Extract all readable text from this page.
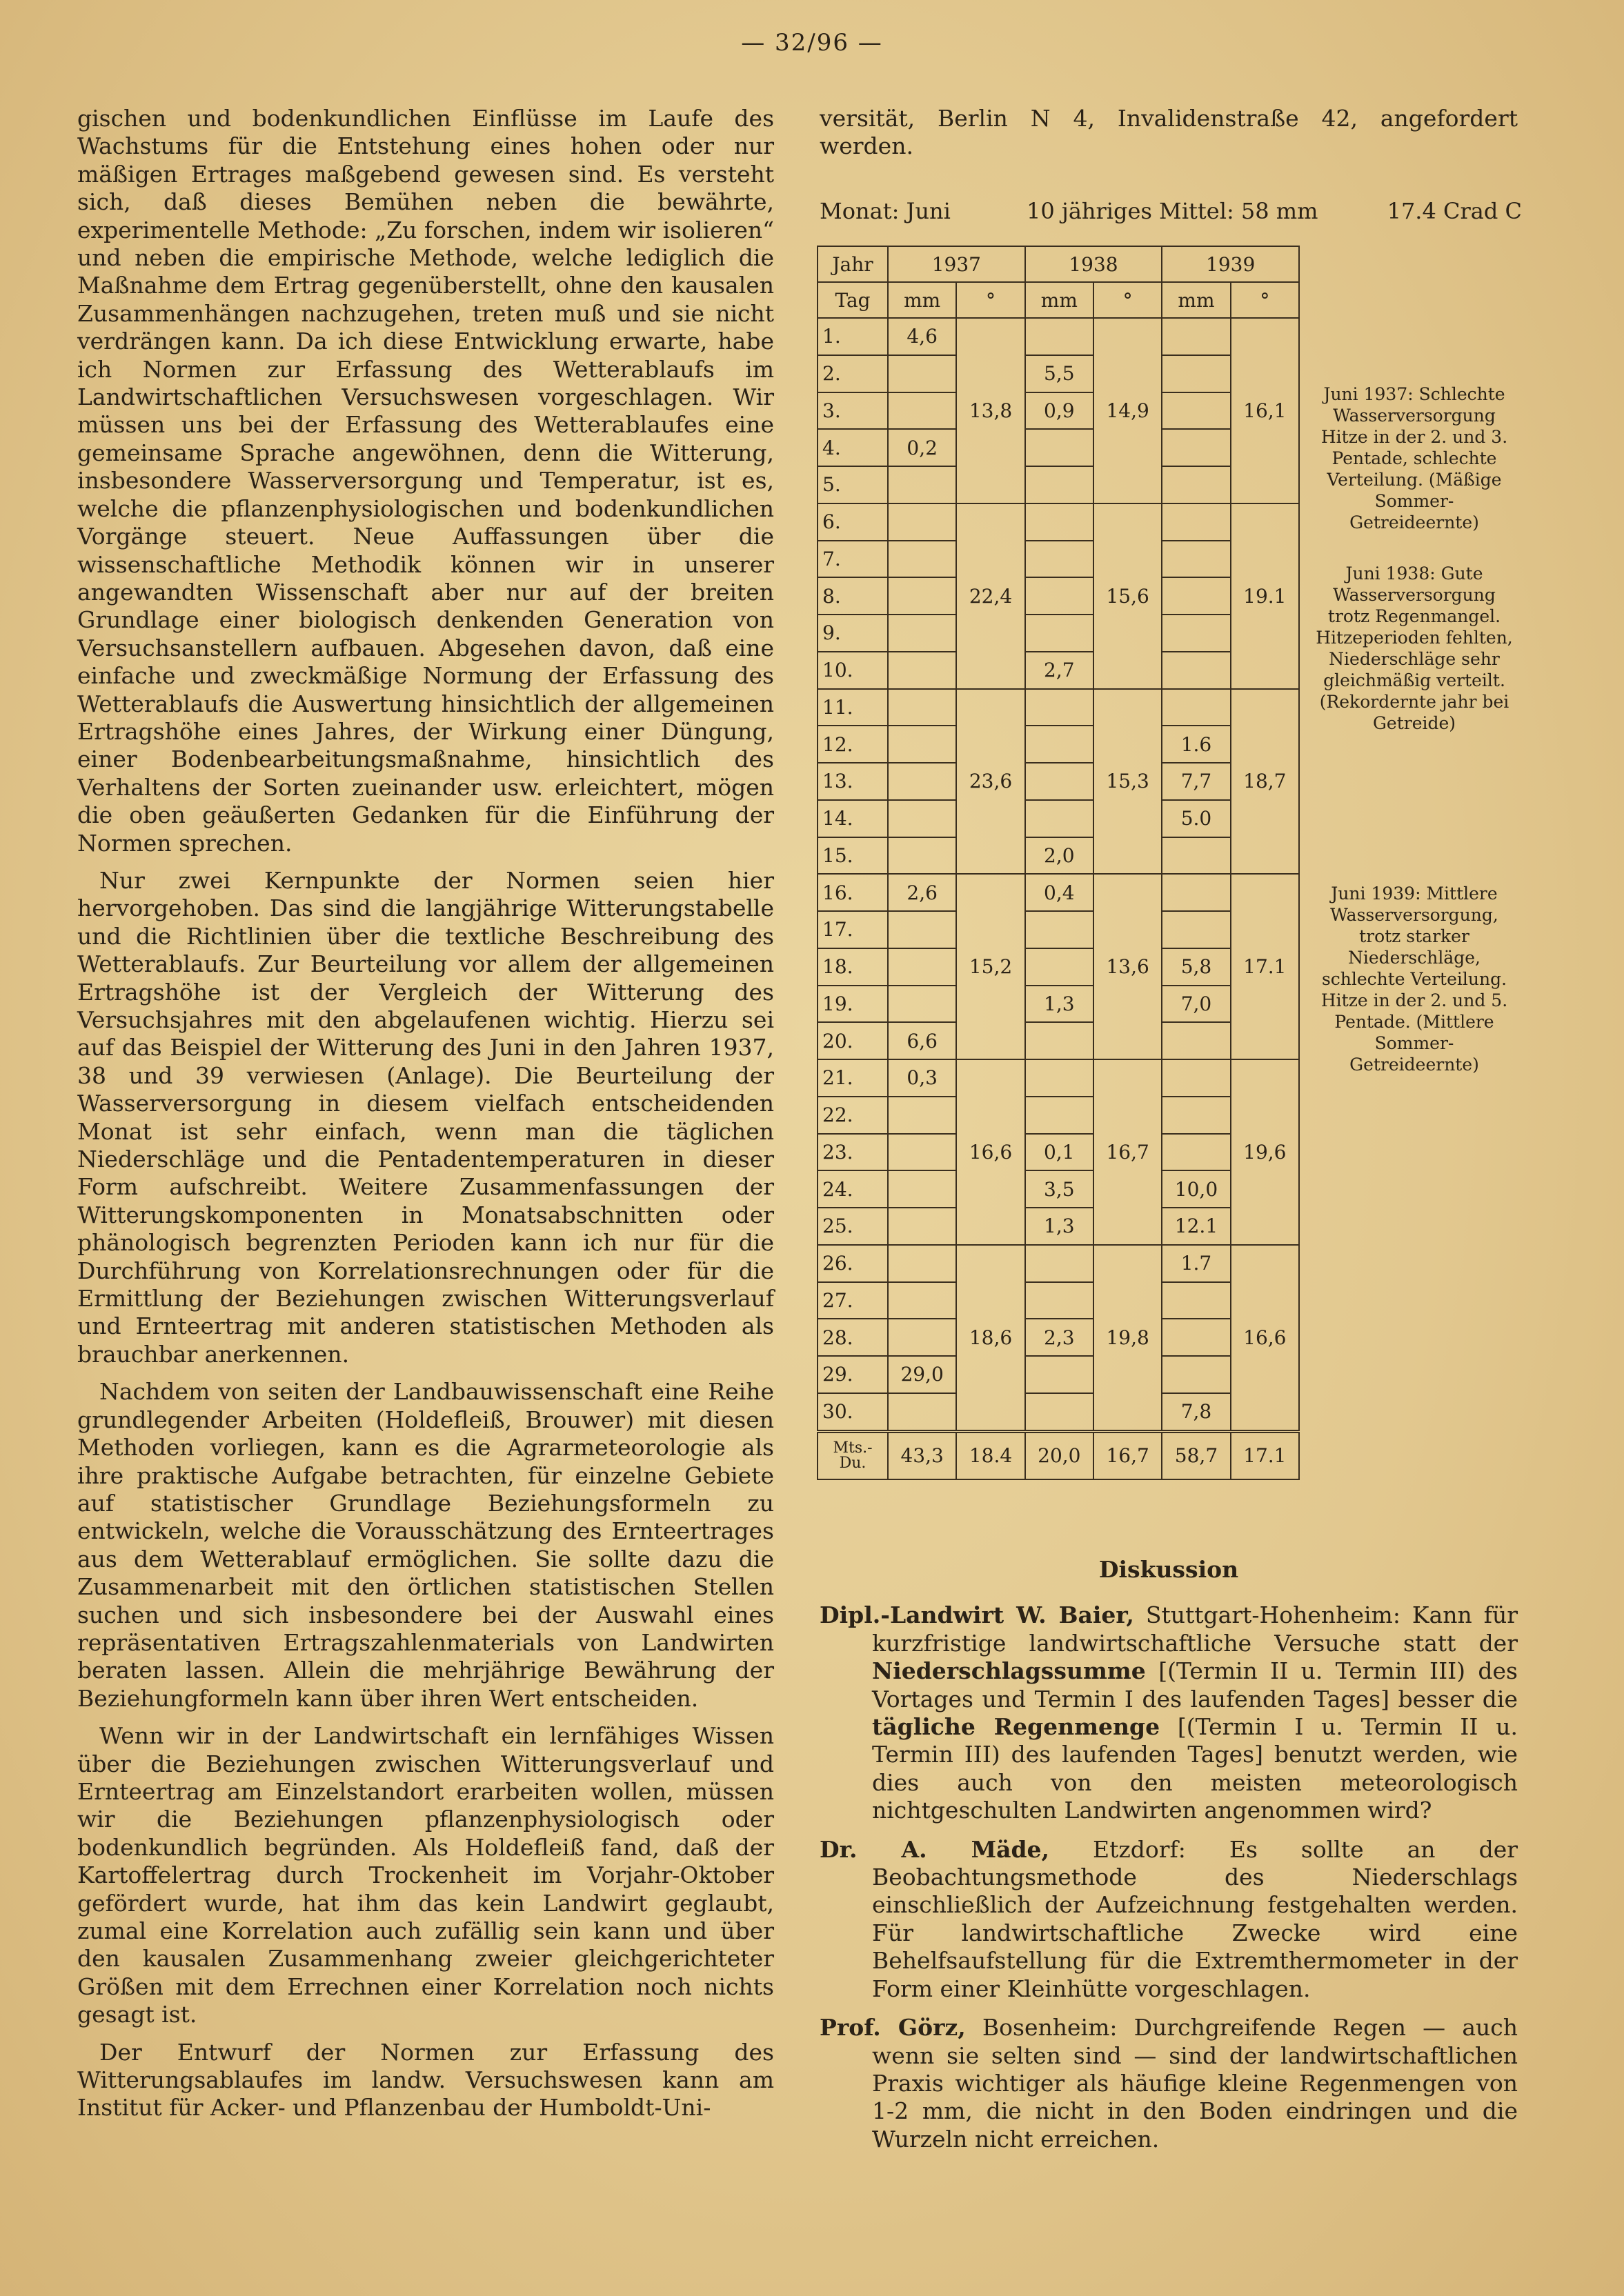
— 32/96 —

gischen und bodenkundlichen Einflüsse im Laufe des Wachstums für die Entstehung eines hohen oder nur mäßigen Ertrages maßgebend gewesen sind. Es versteht sich, daß dieses Bemühen neben die bewährte, experimentelle Methode: „Zu forschen, indem wir isolieren“ und neben die empirische Methode, welche lediglich die Maßnahme dem Ertrag gegenüberstellt, ohne den kausalen Zusammenhängen nachzugehen, treten muß und sie nicht verdrängen kann. Da ich diese Entwicklung erwarte, habe ich Normen zur Erfassung des Wetterablaufs im Landwirtschaftlichen Versuchswesen vorgeschlagen. Wir müssen uns bei der Erfassung des Wetterablaufes eine gemeinsame Sprache angewöhnen, denn die Witterung, insbesondere Wasserversorgung und Temperatur, ist es, welche die pflanzenphysiologischen und bodenkundlichen Vorgänge steuert. Neue Auffassungen über die wissenschaftliche Methodik können wir in unserer angewandten Wissenschaft aber nur auf der breiten Grundlage einer biologisch denkenden Generation von Versuchsanstellern aufbauen. Abgesehen davon, daß eine einfache und zweckmäßige Normung der Erfassung des Wetterablaufs die Auswertung hinsichtlich der allgemeinen Ertragshöhe eines Jahres, der Wirkung einer Düngung, einer Bodenbearbeitungsmaßnahme, hinsichtlich des Verhaltens der Sorten zueinander usw. erleichtert, mögen die oben geäußerten Gedanken für die Einführung der Normen sprechen.

Nur zwei Kernpunkte der Normen seien hier hervorgehoben. Das sind die langjährige Witterungstabelle und die Richtlinien über die textliche Beschreibung des Wetterablaufs. Zur Beurteilung vor allem der allgemeinen Ertragshöhe ist der Vergleich der Witterung des Versuchsjahres mit den abgelaufenen wichtig. Hierzu sei auf das Beispiel der Witterung des Juni in den Jahren 1937, 38 und 39 verwiesen (Anlage). Die Beurteilung der Wasserversorgung in diesem vielfach entscheidenden Monat ist sehr einfach, wenn man die täglichen Niederschläge und die Pentadentemperaturen in dieser Form aufschreibt. Weitere Zusammenfassungen der Witterungskomponenten in Monatsabschnitten oder phänologisch begrenzten Perioden kann ich nur für die Durchführung von Korrelationsrechnungen oder für die Ermittlung der Beziehungen zwischen Witterungsverlauf und Ernteertrag mit anderen statistischen Methoden als brauchbar anerkennen.

Nachdem von seiten der Landbauwissenschaft eine Reihe grundlegender Arbeiten (Holdefleiß, Brouwer) mit diesen Methoden vorliegen, kann es die Agrarmeteorologie als ihre praktische Aufgabe betrachten, für einzelne Gebiete auf statistischer Grundlage Beziehungsformeln zu entwickeln, welche die Vorausschätzung des Ernteertrages aus dem Wetterablauf ermöglichen. Sie sollte dazu die Zusammenarbeit mit den örtlichen statistischen Stellen suchen und sich insbesondere bei der Auswahl eines repräsentativen Ertragszahlenmaterials von Landwirten beraten lassen. Allein die mehrjährige Bewährung der Beziehungformeln kann über ihren Wert entscheiden.

Wenn wir in der Landwirtschaft ein lernfähiges Wissen über die Beziehungen zwischen Witterungsverlauf und Ernteertrag am Einzelstandort erarbeiten wollen, müssen wir die Beziehungen pflanzenphysiologisch oder bodenkundlich begründen. Als Holdefleiß fand, daß der Kartoffelertrag durch Trockenheit im Vorjahr-Oktober gefördert wurde, hat ihm das kein Landwirt geglaubt, zumal eine Korrelation auch zufällig sein kann und über den kausalen Zusammenhang zweier gleichgerichteter Größen mit dem Errechnen einer Korrelation noch nichts gesagt ist.

Der Entwurf der Normen zur Erfassung des Witterungsablaufes im landw. Versuchswesen kann am Institut für Acker- und Pflanzenbau der Humboldt-Uni-

versität, Berlin N 4, Invalidenstraße 42, angefordert werden.
Monat: Juni	10 jähriges Mittel: 58 mm	17.4 Crad C
Jahr	1937		1938		1939	
Tag	mm	°	mm	°	mm	°
1.	4,6	13,8		14,9		16,1
2.			5,5			
3.			0,9			
4.	0,2					
5.						
6.		22,4		15,6		19.1
7.						
8.						
9.						
10.			2,7			
11.		23,6		15,3		18,7
12.					1.6	
13.					7,7	
14.					5.0	
15.			2,0			
16.	2,6	15,2	0,4	13,6		17.1
17.						
18.					5,8	
19.			1,3		7,0	
20.	6,6					
21.	0,3	16,6		16,7		19,6
22.						
23.			0,1			
24.			3,5		10,0	
25.			1,3		12.1	
26.		18,6		19,8	1.7	16,6
27.						
28.			2,3			
29.	29,0					
30.					7,8	
Mts.-Du.	43,3	18.4	20,0	16,7	58,7	17.1
Juni 1937: Schlechte Wasserversorgung Hitze in der 2. und 3. Pentade, schlechte Verteilung. (Mäßige Sommer-Getreideernte)
Juni 1938: Gute Wasserversorgung trotz Regenmangel. Hitzeperioden fehlten, Niederschläge sehr gleichmäßig verteilt. (Rekordernte jahr bei Getreide)
Juni 1939: Mittlere Wasserversorgung, trotz starker Niederschläge, schlechte Verteilung. Hitze in der 2. und 5. Pentade. (Mittlere Sommer-Getreideernte)
Diskussion
Dipl.-Landwirt W. Baier, Stuttgart-Hohenheim: Kann für kurzfristige landwirtschaftliche Versuche statt der Niederschlagssumme [(Termin II u. Termin III) des Vortages und Termin I des laufenden Tages] besser die tägliche Regenmenge [(Termin I u. Termin II u. Termin III) des laufenden Tages] benutzt werden, wie dies auch von den meisten meteorologisch nichtgeschulten Landwirten angenommen wird?
Dr. A. Mäde, Etzdorf: Es sollte an der Beobachtungsmethode des Niederschlags einschließlich der Aufzeichnung festgehalten werden. Für landwirtschaftliche Zwecke wird eine Behelfsaufstellung für die Extremthermometer in der Form einer Kleinhütte vorgeschlagen.
Prof. Görz, Bosenheim: Durchgreifende Regen — auch wenn sie selten sind — sind der landwirtschaftlichen Praxis wichtiger als häufige kleine Regenmengen von 1-2 mm, die nicht in den Boden eindringen und die Wurzeln nicht erreichen.
